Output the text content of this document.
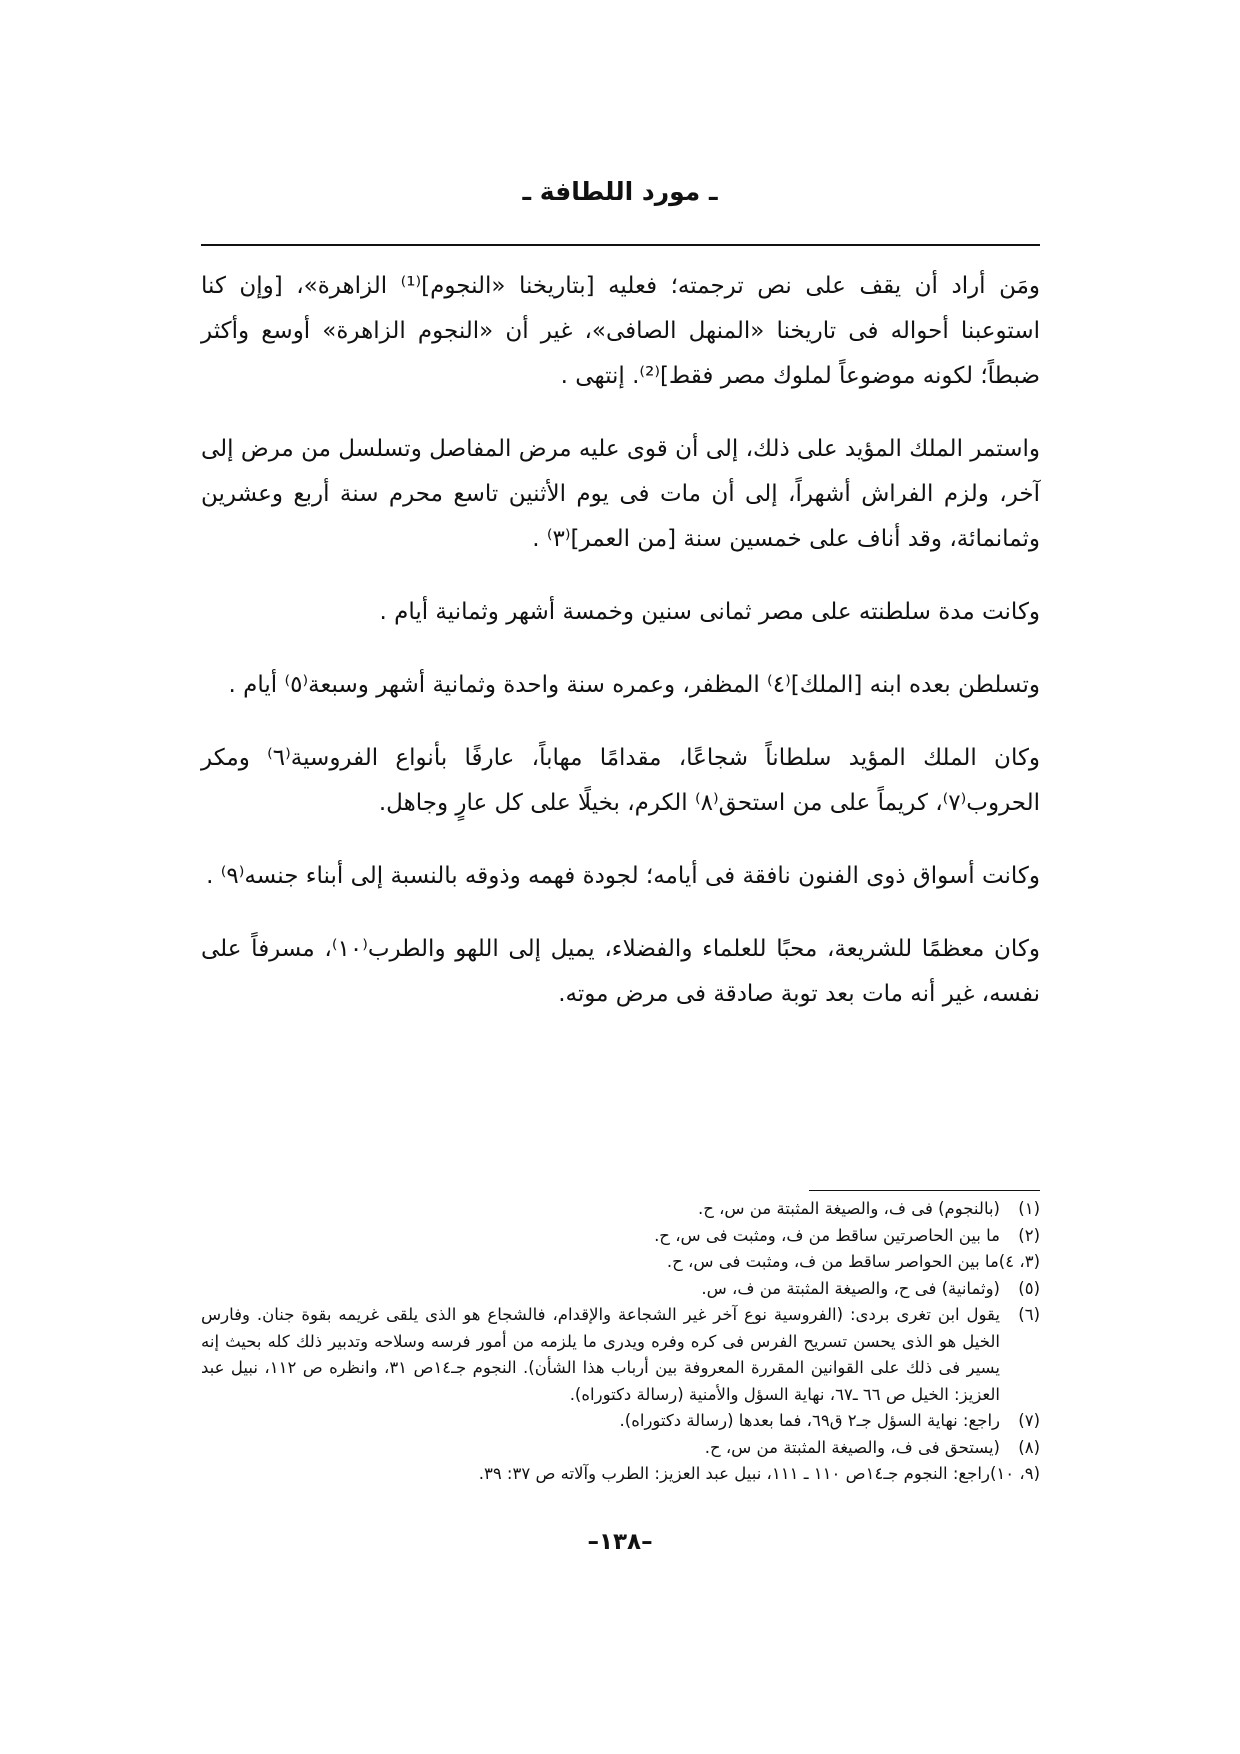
ـ مورد اللطافة ـ

ومَن أراد أن يقف على نص ترجمته؛ فعليه [بتاريخنا «النجوم]⁽¹⁾ الزاهرة»، [وإن كنا استوعبنا أحواله فى تاريخنا «المنهل الصافى»، غير أن «النجوم الزاهرة» أوسع وأكثر ضبطاً؛ لكونه موضوعاً لملوك مصر فقط]⁽²⁾. إنتهى .

واستمر الملك المؤيد على ذلك، إلى أن قوى عليه مرض المفاصل وتسلسل من مرض إلى آخر، ولزم الفراش أشهراً، إلى أن مات فى يوم الأثنين تاسع محرم سنة أربع وعشرين وثمانمائة، وقد أناف على خمسين سنة [من العمر]⁽٣⁾ .

وكانت مدة سلطنته على مصر ثمانى سنين وخمسة أشهر وثمانية أيام .

وتسلطن بعده ابنه [الملك]⁽٤⁾ المظفر، وعمره سنة واحدة وثمانية أشهر وسبعة⁽٥⁾ أيام .

وكان الملك المؤيد سلطاناً شجاعًا، مقدامًا مهاباً، عارفًا بأنواع الفروسية⁽٦⁾ ومكر الحروب⁽٧⁾، كريماً على من استحق⁽٨⁾ الكرم، بخيلًا على كل عارٍ وجاهل.

وكانت أسواق ذوى الفنون نافقة فى أيامه؛ لجودة فهمه وذوقه بالنسبة إلى أبناء جنسه⁽٩⁾ .

وكان معظمًا للشريعة، محبًا للعلماء والفضلاء، يميل إلى اللهو والطرب⁽١٠⁾، مسرفاً على نفسه، غير أنه مات بعد توبة صادقة فى مرض موته.

(١)
(بالنجوم) فى ف، والصيغة المثبتة من س، ح.
(٢)
ما بين الحاصرتين ساقط من ف، ومثبت فى س، ح.
(٣، ٤)
ما بين الحواصر ساقط من ف، ومثبت فى س، ح.
(٥)
(وثمانية) فى ح، والصيغة المثبتة من ف، س.
(٦)
يقول ابن تغرى بردى: (الفروسية نوع آخر غير الشجاعة والإقدام، فالشجاع هو الذى يلقى غريمه بقوة جنان. وفارس الخيل هو الذى يحسن تسريح الفرس فى كره وفره ويدرى ما يلزمه من أمور فرسه وسلاحه وتدبير ذلك كله بحيث إنه يسير فى ذلك على القوانين المقررة المعروفة بين أرباب هذا الشأن). النجوم جـ١٤ص ٣١، وانظره ص ١١٢، نبيل عبد العزيز: الخيل ص ٦٦ ـ٦٧، نهاية السؤل والأمنية (رسالة دكتوراه).
(٧)
راجع: نهاية السؤل جـ٢ ق٦٩، فما بعدها (رسالة دكتوراه).
(٨)
(يستحق فى ف، والصيغة المثبتة من س، ح.
(٩، ١٠)
راجع: النجوم جـ١٤ص ١١٠ ـ ١١١، نبيل عبد العزيز: الطرب وآلاته ص ٣٧: ٣٩.
–١٣٨–
